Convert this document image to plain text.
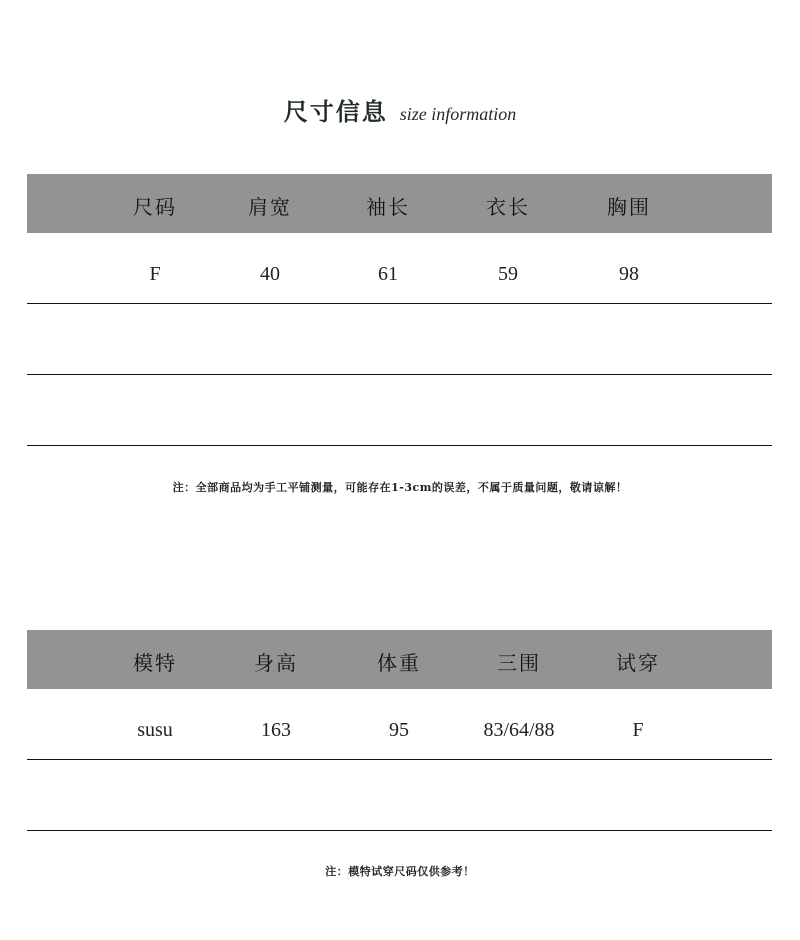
尺寸信息 size information
尺码	肩宽	袖长	衣长	胸围
F	40	61	59	98
注：全部商品均为手工平铺测量，可能存在1-3cm的误差，不属于质量问题，敬请谅解！
模特	身高	体重	三围	试穿
susu	163	95	83/64/88	F
注：模特试穿尺码仅供参考！
